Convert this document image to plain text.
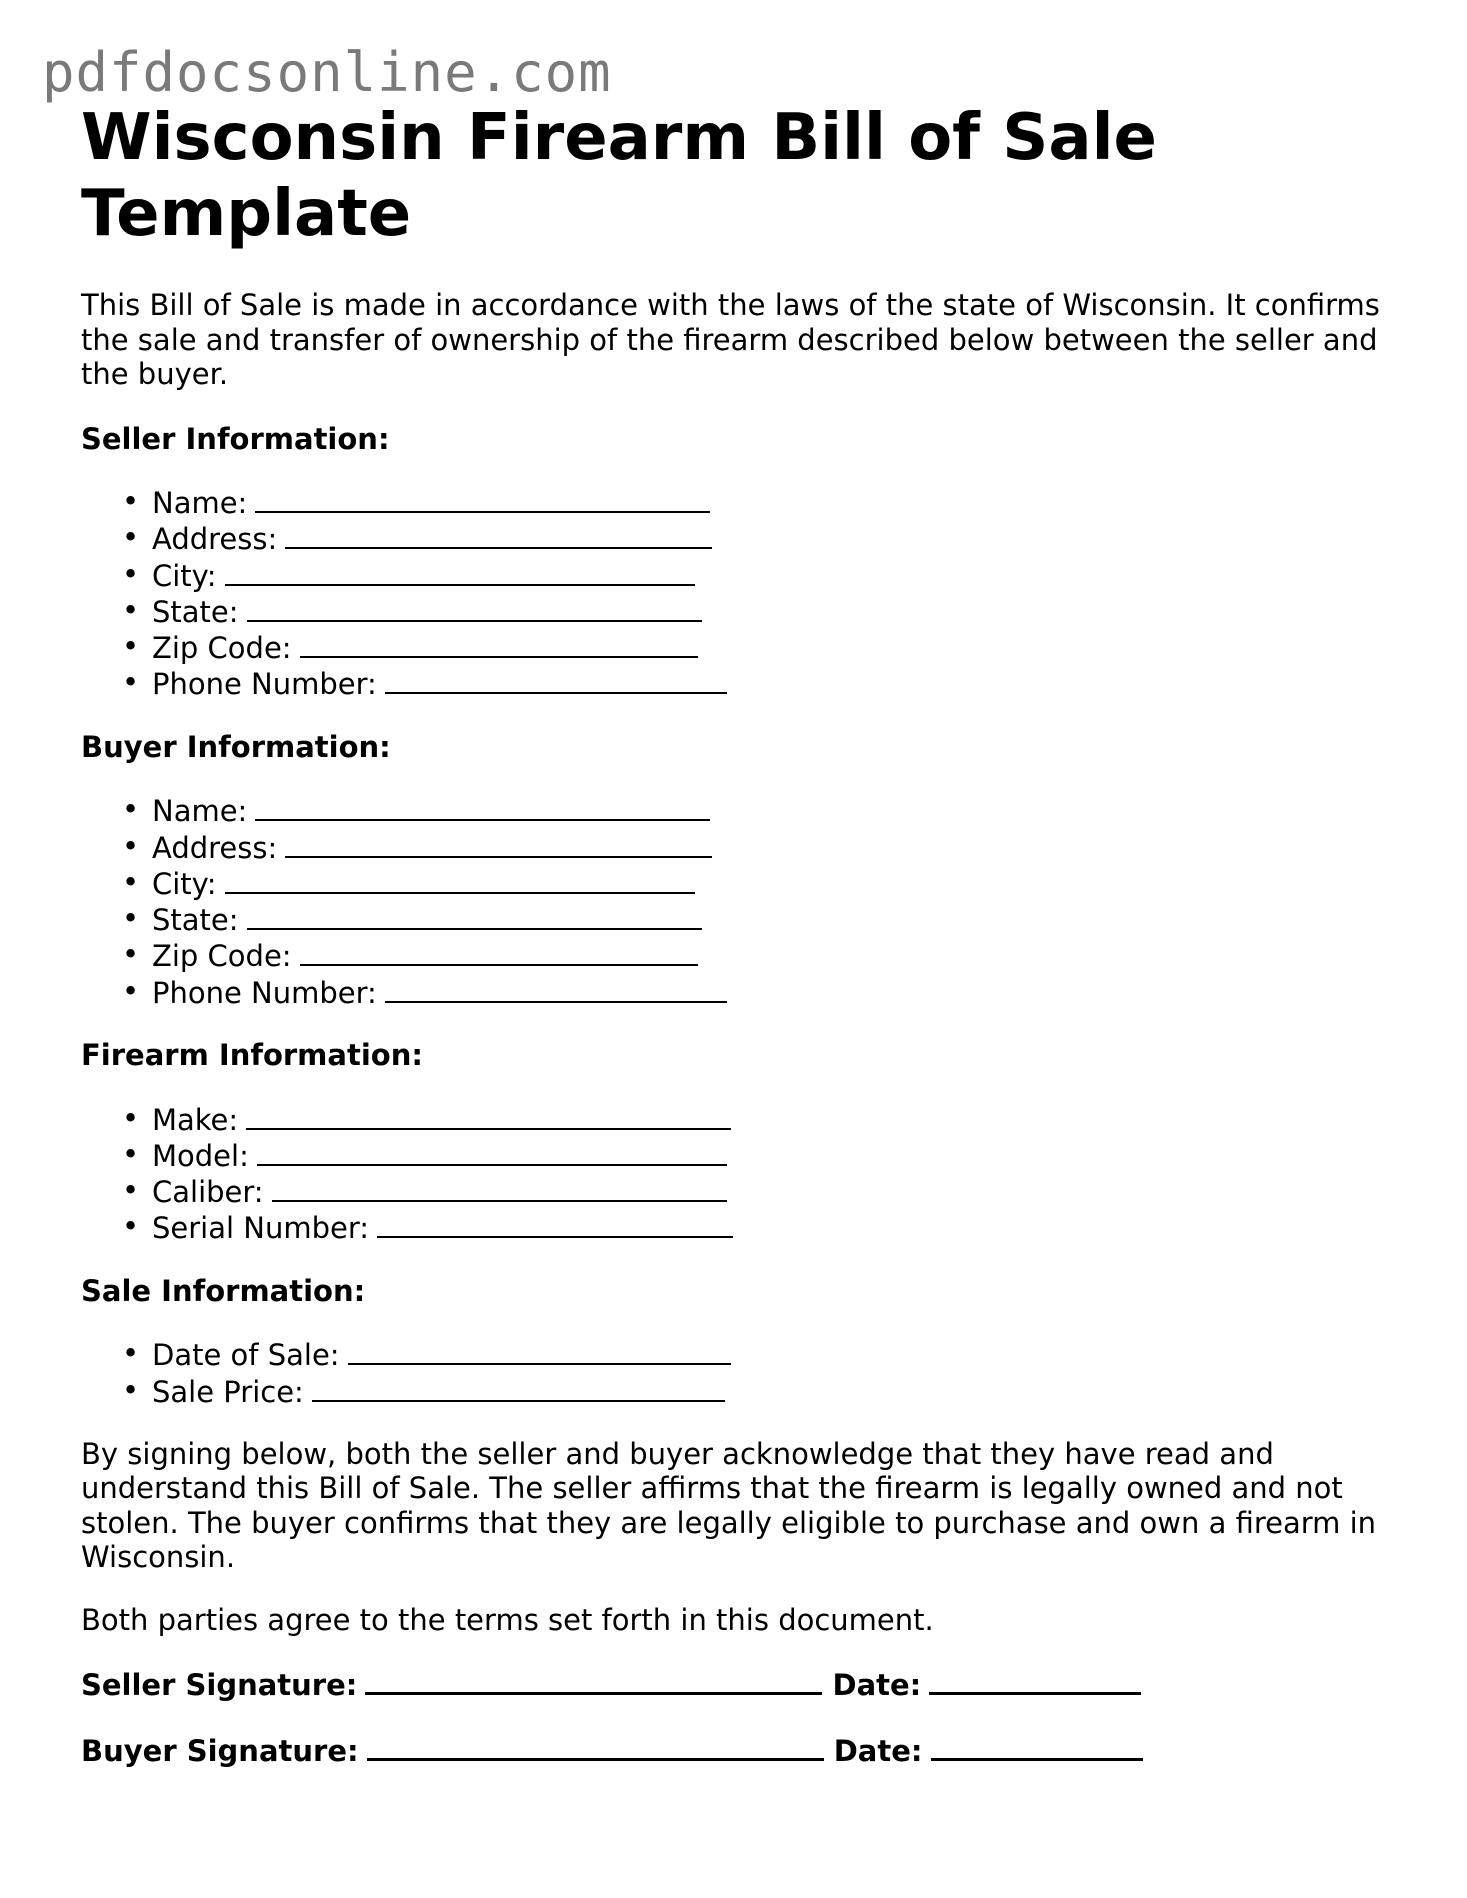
pdfdocsonline.com
Wisconsin Firearm Bill of Sale Template

This Bill of Sale is made in accordance with the laws of the state of Wisconsin. It confirms the sale and transfer of ownership of the firearm described below between the seller and the buyer.

Seller Information:
• Name:
• Address:
• City:
• State:
• Zip Code:
• Phone Number:
Buyer Information:
• Name:
• Address:
• City:
• State:
• Zip Code:
• Phone Number:
Firearm Information:
• Make:
• Model:
• Caliber:
• Serial Number:
Sale Information:
• Date of Sale:
• Sale Price:

By signing below, both the seller and buyer acknowledge that they have read and understand this Bill of Sale. The seller affirms that the firearm is legally owned and not stolen. The buyer confirms that they are legally eligible to purchase and own a firearm in Wisconsin.

Both parties agree to the terms set forth in this document.

Seller Signature:	Date:
Buyer Signature:	Date:
